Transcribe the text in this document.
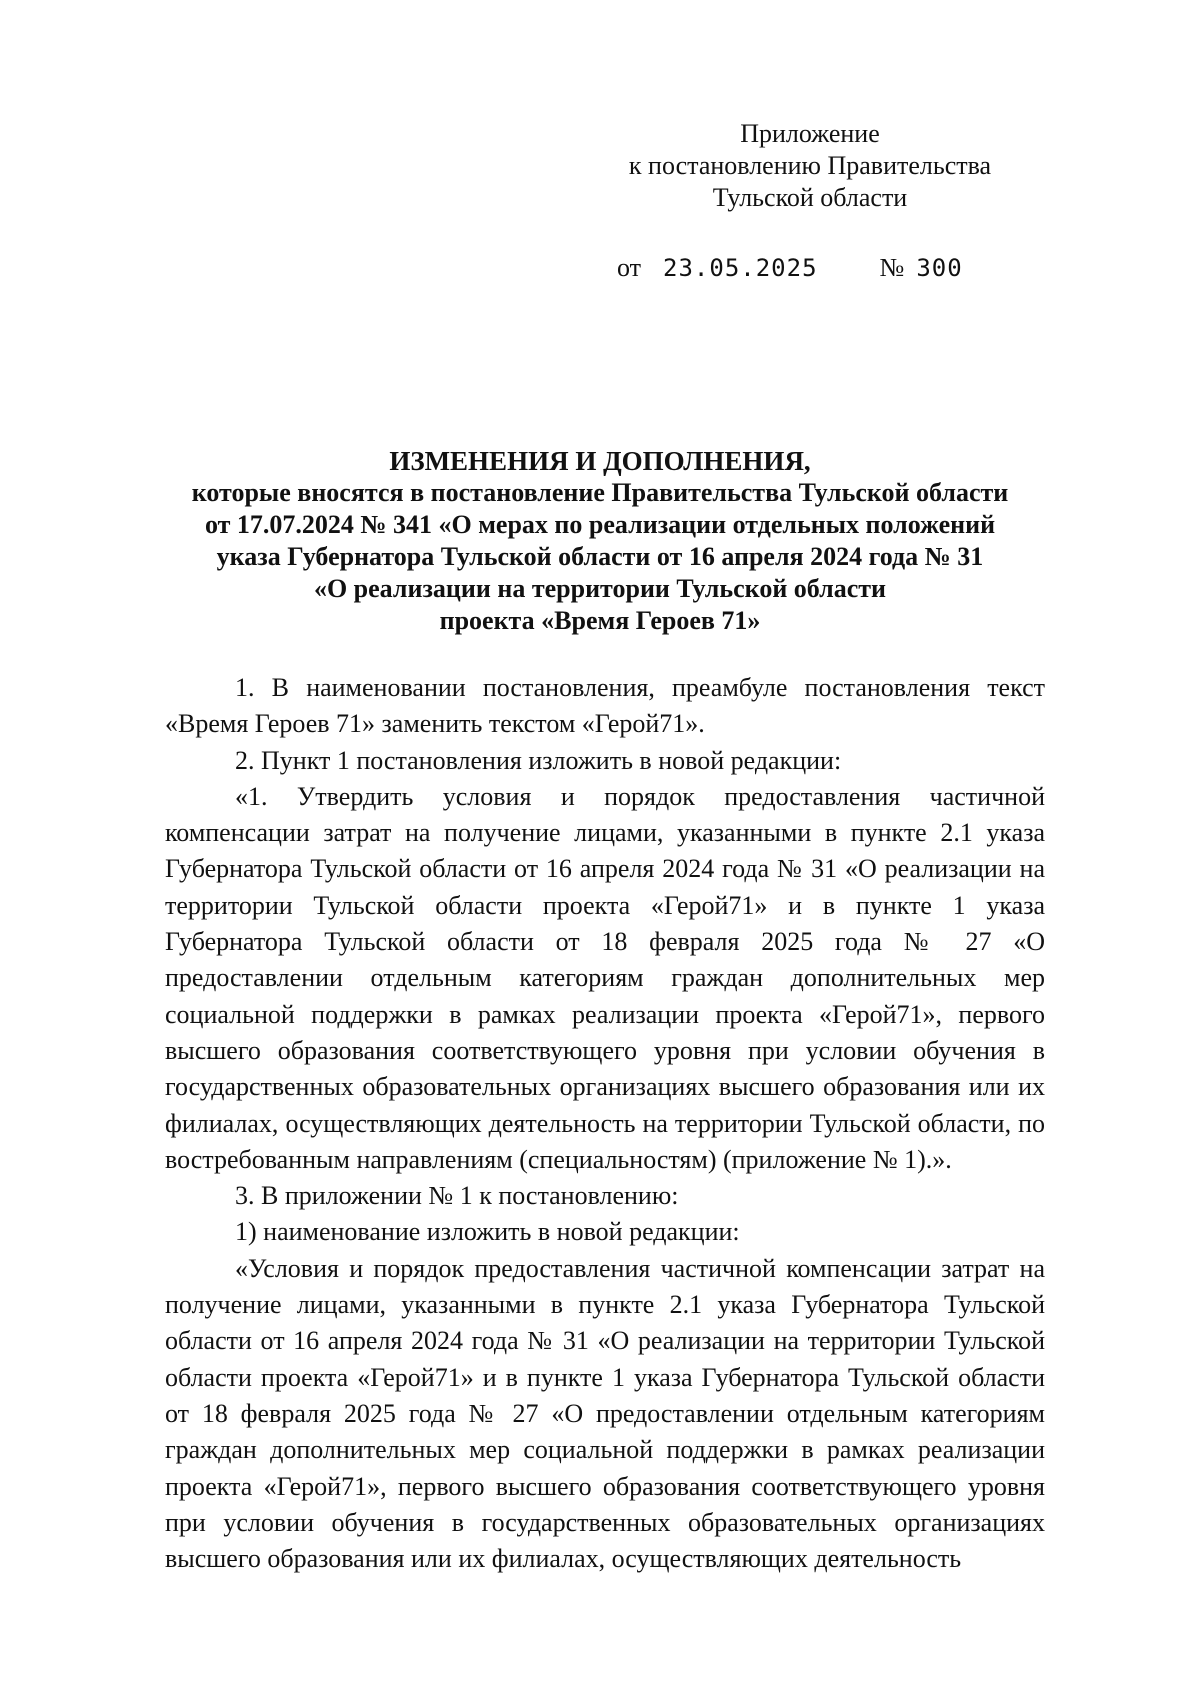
Приложение
к постановлению Правительства
Тульской области
от 23.05.2025 № 300
ИЗМЕНЕНИЯ И ДОПОЛНЕНИЯ,
которые вносятся в постановление Правительства Тульской области
от 17.07.2024 № 341 «О мерах по реализации отдельных положений
указа Губернатора Тульской области от 16 апреля 2024 года № 31
«О реализации на территории Тульской области
проекта «Время Героев 71»

1. В наименовании постановления, преамбуле постановления текст «Время Героев 71» заменить текстом «Герой71».

2. Пункт 1 постановления изложить в новой редакции:

«1. Утвердить условия и порядок предоставления частичной компенсации затрат на получение лицами, указанными в пункте 2.1 указа Губернатора Тульской области от 16 апреля 2024 года № 31 «О реализации на территории Тульской области проекта «Герой71» и в пункте 1 указа Губернатора Тульской области от 18 февраля 2025 года № 27 «О предоставлении отдельным категориям граждан дополнительных мер социальной поддержки в рамках реализации проекта «Герой71», первого высшего образования соответствующего уровня при условии обучения в государственных образовательных организациях высшего образования или их филиалах, осуществляющих деятельность на территории Тульской области, по востребованным направлениям (специальностям) (приложение № 1).».

3. В приложении № 1 к постановлению:

1) наименование изложить в новой редакции:

«Условия и порядок предоставления частичной компенсации затрат на получение лицами, указанными в пункте 2.1 указа Губернатора Тульской области от 16 апреля 2024 года № 31 «О реализации на территории Тульской области проекта «Герой71» и в пункте 1 указа Губернатора Тульской области от 18 февраля 2025 года № 27 «О предоставлении отдельным категориям граждан дополнительных мер социальной поддержки в рамках реализации проекта «Герой71», первого высшего образования соответствующего уровня при условии обучения в государственных образовательных организациях высшего образования или их филиалах, осуществляющих деятельность
